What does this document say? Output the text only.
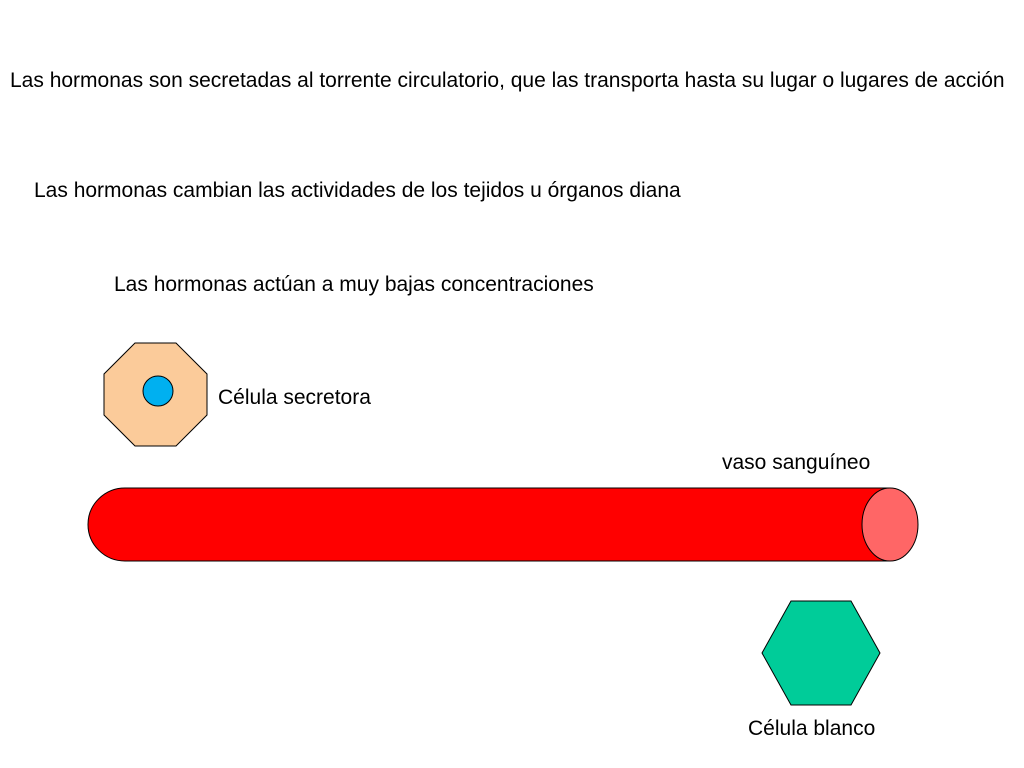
Las hormonas son secretadas al torrente circulatorio, que las transporta hasta su lugar o lugares de acción
Las hormonas cambian las actividades de los tejidos u órganos diana
Las hormonas actúan a muy bajas concentraciones
Célula secretora
vaso sanguíneo
Célula blanco
